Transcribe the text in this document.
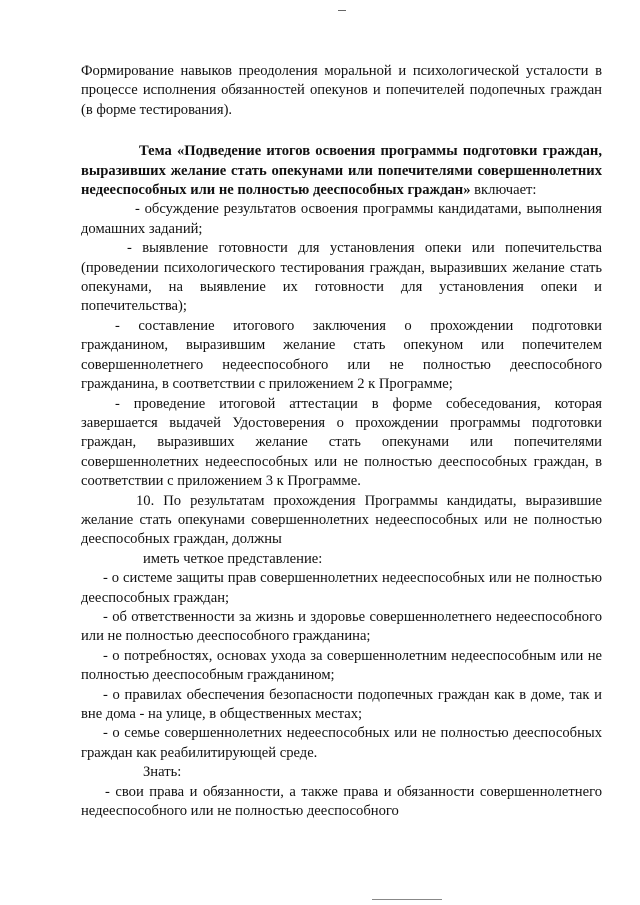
Формирование навыков преодоления моральной и психологической усталости в процессе исполнения обязанностей опекунов и попечителей подопечных граждан (в форме тестирования).

Тема «Подведение итогов освоения программы подготовки граждан, выразивших желание стать опекунами или попечителями совершеннолетних недееспособных или не полностью дееспособных граждан» включает:

- обсуждение результатов освоения программы кандидатами, выполнения домашних заданий;

- выявление готовности для установления опеки или попечительства (проведении психологического тестирования граждан, выразивших желание стать опекунами, на выявление их готовности для установления опеки и попечительства);

- составление итогового заключения о прохождении подготовки гражданином, выразившим желание стать опекуном или попечителем совершеннолетнего недееспособного или не полностью дееспособного гражданина, в соответствии с приложением 2 к Программе;

- проведение итоговой аттестации в форме собеседования, которая завершается выдачей Удостоверения о прохождении программы подготовки граждан, выразивших желание стать опекунами или попечителями совершеннолетних недееспособных или не полностью дееспособных граждан, в соответствии с приложением 3 к Программе.

10. По результатам прохождения Программы кандидаты, выразившие желание стать опекунами совершеннолетних недееспособных или не полностью дееспособных граждан, должны

иметь четкое представление:

- о системе защиты прав совершеннолетних недееспособных или не полностью дееспособных граждан;

- об ответственности за жизнь и здоровье совершеннолетнего недееспособного или не полностью дееспособного гражданина;

- о потребностях, основах ухода за совершеннолетним недееспособным или не полностью дееспособным гражданином;

- о правилах обеспечения безопасности подопечных граждан как в доме, так и вне дома - на улице, в общественных местах;

- о семье совершеннолетних недееспособных или не полностью дееспособных граждан как реабилитирующей среде.

Знать:

- свои права и обязанности, а также права и обязанности совершеннолетнего недееспособного или не полностью дееспособного
